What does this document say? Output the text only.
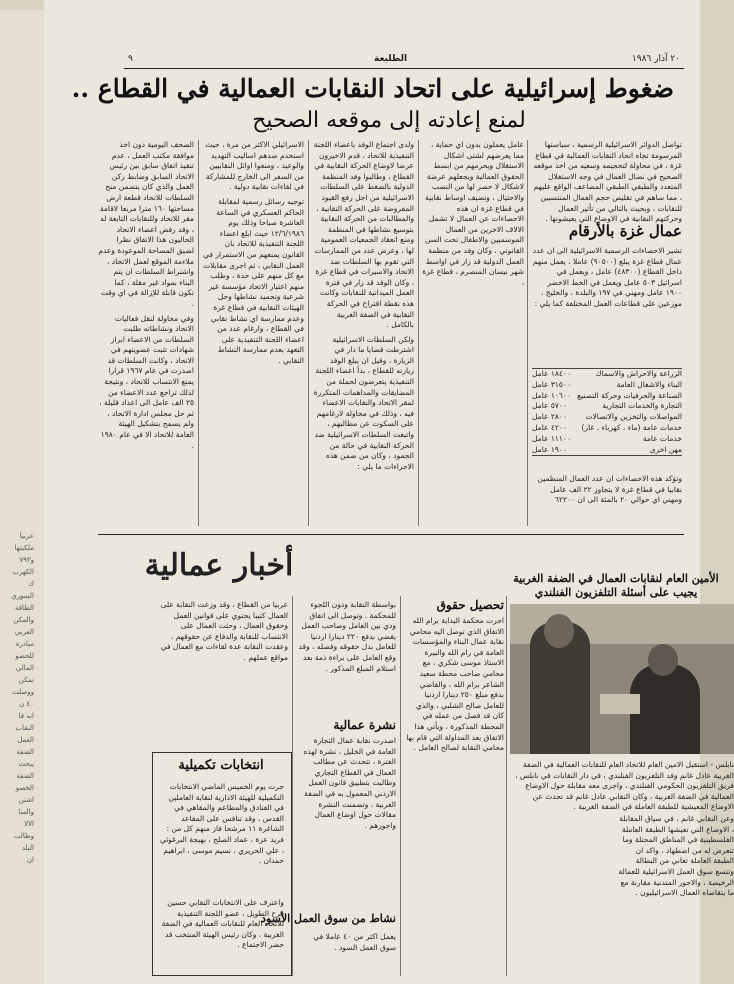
عربيا
ملكيتها
و٧٩٣
الكهرب
ك
السوري
الطاقة
والمكن
العربي
مبادرة
للحصو
المالي
تمكن
ووصلت
٤٠ ن
انه قا
النقاب
العمل
الضفة
يبحث
الضفة
الخصو
اشتن
والمنا
الالا
وطالب
البلد
ان
٩	الطليعة	٢٠ آذار ١٩٨٦
ضغوط إسرائيلية على اتحاد النقابات العمالية في القطاع ..
لمنع إعادته إلى موقعه الصحيح

تواصل الدوائر الاسرائيلية الرسمية ، سياستها المرسومة تجاه اتحاد النقابات العمالية في قطاع غزة ، في محاولة لتحجيمه وسعيه من اخذ موقعه الصحيح في نضال العمال في وجه الاستغلال المتعدد والطبقي الطبقي المضاعف الواقع عليهم ، مما ساهم في تقليص حجم العمال المنتسبين للنقابات ، وبحيث بالتالي من تأثير العمال وحركتهم النقابية في الاوضاع التي يعيشونها .

عمال غزة بالأرقام

تشير الاحصاءات الرسمية الاسرائيلية الى ان عدد عمال قطاع غزة يبلغ (٩٠٥٠٠) عاملا ، يعمل منهم داخل القطاع (٤٨٣٠٠) عامل ، ويعمل في اسرائيل ٥٠٣ عامل ويعمل في الخط الاخضر ١٩٠٠ عامل ومهني في ١٩٧ والبلدة ، والخليج ، موزعين على قطاعات العمل المختلفة كما يلي :

الزراعة والاحراش والاسماك
١٨٤٠٠ عامل
البناء والاشغال العامة
٣١٥٠٠ عامل
الصناعة والحرفيات وحركة التصنيع
١٠٦٠٠ عامل
التجارة والخدمات التجارية
٥٧٠٠ عامل
المواصلات والتخزين والاتصالات
٢٨٠٠ عامل
خدمات عامة (ماء ، كهرباء ، غاز)
٤٢٠٠ عامل
خدمات عامة
١١١٠٠ عامل
مهن اخرى
١٩٠٠ عامل

وتؤكد هذه الاحصاءات ان عدد العمال المنظمين نقابيا في قطاع غزة لا يتجاوز ٢٢ الف عامل ومهني اي حوالي ٢٠ بالمئة الى ان ٦٢٢٠٠

عامل يعملون بدون اي حماية ، مما يعرضهم لشتى اشكال الاستغلال ويحرمهم من ابسط الحقوق العمالية ويجعلهم عرضة لاشكال لا حصر لها من النصب والاحتيال ، وتضيف اوساط نقابية في قطاع غزة ان هذه الاحصاءات عن العمال لا تشمل الالاف الاخرين من العمال الموسميين والاطفال تحت السن القانوني ، وكان وفد من منظمة العمل الدولية قد زار في اواسط شهر نيسان المنصرم ، قطاع غزة ،

ولدى اجتماع الوفد باعضاء اللجنة التنفيذية للاتحاد ، قدم الاخيرون عرضا لاوضاع الحركة النقابية في القطاع ، وطالبوا وفد المنظمة الدولية بالضغط على السلطات الاسرائيلية من اجل رفع القيود المفروضة على الحركة النقابية ، والمطالبات من الحركة النقابية بتوسيع نشاطها في المنظمة ومنع انعقاد الجمعيات العمومية لها ، وعرض عدد من الممارسات التي تقوم بها السلطات ضد الاتحاد والاسيرات في قطاع غزة ، وكان الوفد قد زار في فترة العمل الميدانية للنقابات وكانت هذه نقطة اقتراح في الحركة النقابية في الضفة الغربية بالكامل .

ولكن السلطات الاسرائيلية اشترطت قضايا ما دار في الزيارة ، وقيل ان يبلغ الوفد زيارته للقطاع ، بدأ اعضاء اللجنة التنفيذية يتعرضون لحملة من المضايقات والمداهمات المتكررة لمقر الاتحاد والنقابات الاعضاء فيه ، وذلك في محاولة لارغامهم على السكوت عن مطالبهم ، واتبعت السلطات الاسرائيلية ضد الحركة النقابية في حالة من الجمود ، وكان من ضمن هذه الاجراءات ما يلي :

الاسرائيلي الاكثر من مرة ، حيث استخدم ضدهم اساليب التهديد والوعيد ، ومنعوا اوائل النقابيين من السفر الى الخارج للمشاركة في لقاءات نقابية دولية .

توجيه رسائل رسمية لمقابلة الحاكم العسكري في الساعة العاشرة صباحا وذلك يوم ١٢/٦/١٩٨٦ حيث ابلغ اعضاء اللجنة التنفيذية للاتحاد بان القانون يمنعهم من الاستمرار في العمل النقابي ، ثم اجرى مقابلات مع كل منهم على حدة ، وطلب منهم اعتبار الاتحاد مؤسسة غير شرعية وتجميد نشاطها وحل الهيئات النقابية في قطاع غزة وعدم ممارسة اي نشاط نقابي في القطاع ، وارغام عدد من اعضاء اللجنة التنفيذية على التعهد بعدم ممارسة النشاط النقابي .

الصحف اليومية دون اخذ موافقة مكتب العمل ، عدم تنفيذ اتفاق سابق بين رئيس الاتحاد السابق وضابط ركن العمل والذي كان يتضمن منح السلطات للاتحاد قطعة ارض مساحتها ١٦٠ مترا مربعا لاقامة مقر للاتحاد وللنقابات التابعة له ، وقد رفض اعضاء الاتحاد الحاليون هذا الاتفاق نظرا لضيق المساحة الموعودة وعدم ملاءمة الموقع لعمل الاتحاد ، واشتراط السلطات ان يتم البناء بمواد غير مقلة ، كما تكون قابلة للإزالة في اي وقت .

وفي محاولة لنقل فعاليات الاتحاد ونشاطاته طلبت السلطات من الاعضاء ابراز شهادات تثبت عضويتهم في الاتحاد ، وكانت السلطات قد اصدرت في عام ١٩٦٧ قرارا يمنع الانتساب للاتحاد ، ونتيجة لذلك تراجع عدد الاعضاء من ٢٥ الف عامل الى اعداد قليلة ، ثم حل مجلس ادارة الاتحاد ، ولم يسمح بتشكيل الهيئة العامة للاتحاد الا في عام ١٩٨٠ .

أخبار عمالية	الأمين العام لنقابات العمال في الضفة الغربية
يجيب على أسئلة التلفزيون الفنلندي

نابلس - استقبل الامين العام للاتحاد العام للنقابات العمالية في الضفة الغربية عادل غانم وفد التلفزيون الفنلندي ، في دار النقابات في نابلس ، فريق التلفزيون الحكومي الفنلندي ، واجرى معه مقابلة حول الاوضاع العمالية في الضفة الغربية ، وكان النقابي عادل غانم قد تحدث عن الاوضاع المعيشية للطبقة العاملة في الضفة الغربية .

وعن النقابي غانم ، في سياق المقابلة ، الاوضاع التي تعيشها الطبقة العاملة الفلسطينية في المناطق المحتلة وما تتعرض له من اضطهاد ، واكد ان الطبقة العاملة تعاني من البطالة وتتسع سوق العمل الاسرائيلية للعمالة الرخيصة ، والاجور المتدنية مقارنة مع ما يتقاضاه العمال الاسرائيليون .

تحصيل حقوق

اجرت محكمة البداية برام الله الاتفاق الذي توصل اليه محامي نقابة عمال البناء والمؤسسات العامة في رام الله والبيرة الاستاذ موسى شكري ، مع محامي صاحب محطة سعيد الشاعر برام الله ، والقاضي بدفع مبلغ ٢٥٠ دينارا اردنيا للعامل صالح الشلبي ، والذي كان قد فصل من عمله في المحطة المذكورة ، ويأتي هذا الاتفاق بعد المداولة التي قام بها محامي النقابة لصالح العامل .

بواسطة النقابة ودون اللجوء للمحكمة . وتوصل الى اتفاق ودي بين العامل وصاحب العمل يقضي بدفع ٢٢٠ دينارا اردنيا للعامل بدل حقوقه وفصله ، وقد وقع العامل على براءة ذمة بعد استلام المبلغ المذكور .

نشرة عمالية

اصدرت نقابة عمال التجارة العامة في الخليل ، نشرة لهذه الفترة ، تتحدث عن مطالب العمال في القطاع التجاري وطالبت بتطبيق قانون العمل الاردني المعمول به في الضفة الغربية ، وتضمنت النشرة مقالات حول اوضاع العمال واجورهم .

نشاط من سوق العمل الأسود

يعمل اكثر من ٤٠ عاملا في سوق العمل السود .

عربيا من القطاع ، وقد وزعت النقابة على العمال كتيبا يحتوي على قوانين العمل وحقوق العمال ، وحثت العمال على الانتساب للنقابة والدفاع عن حقوقهم ، وعقدت النقابة عدة لقاءات مع العمال في مواقع عملهم .

انتخابات تكميلية

جرت يوم الخميس الماضي الانتخابات التكميلية للهيئة الادارية لنقابة العاملين في الفنادق والمطاعم والمقاهي في القدس ، وقد تنافس على المقاعد الشاغرة ١١ مرشحا فاز منهم كل من : فريد عزة ، عماد الصلح ، بهيجة البرغوثي ، علي الحريري ، نسيم موسى ، ابراهيم حمدان .

واعترف على الانتخابات النقابي حسين فرح الطويل ، عضو اللجنة التنفيذية للاتحاد العام للنقابات العمالية في الضفة الغربية ، وكان رئيس الهيئة المنتخب قد حضر الاجتماع .
